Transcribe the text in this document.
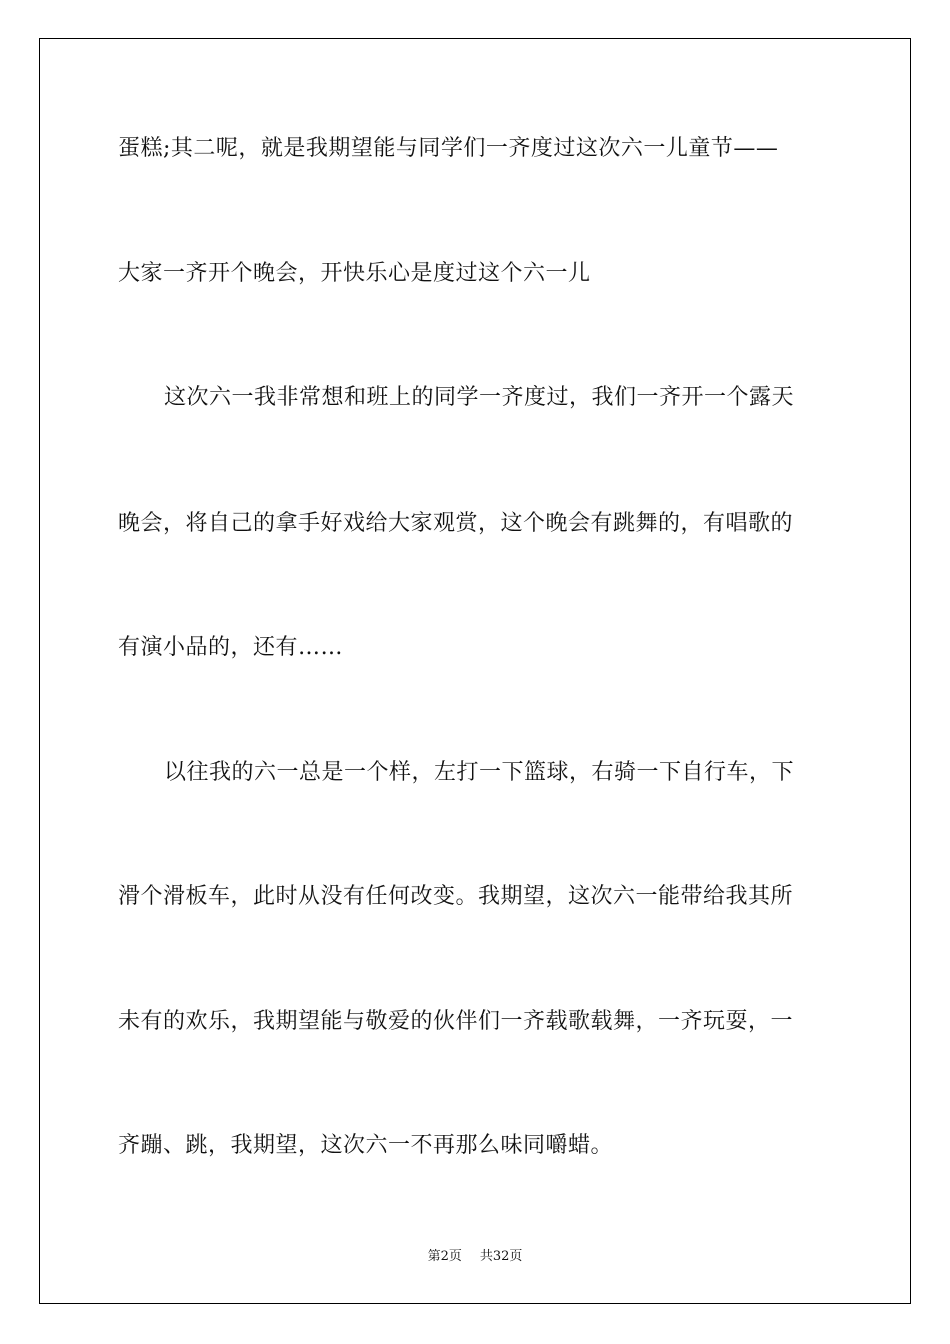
蛋糕;其二呢，就是我期望能与同学们一齐度过这次六一儿童节——
大家一齐开个晚会，开快乐心是度过这个六一儿
这次六一我非常想和班上的同学一齐度过，我们一齐开一个露天
晚会，将自己的拿手好戏给大家观赏，这个晚会有跳舞的，有唱歌的
有演小品的，还有……
以往我的六一总是一个样，左打一下篮球，右骑一下自行车，下
滑个滑板车，此时从没有任何改变。我期望，这次六一能带给我其所
未有的欢乐，我期望能与敬爱的伙伴们一齐载歌载舞，一齐玩耍，一
齐蹦、跳，我期望，这次六一不再那么味同嚼蜡。
第2页 共32页
